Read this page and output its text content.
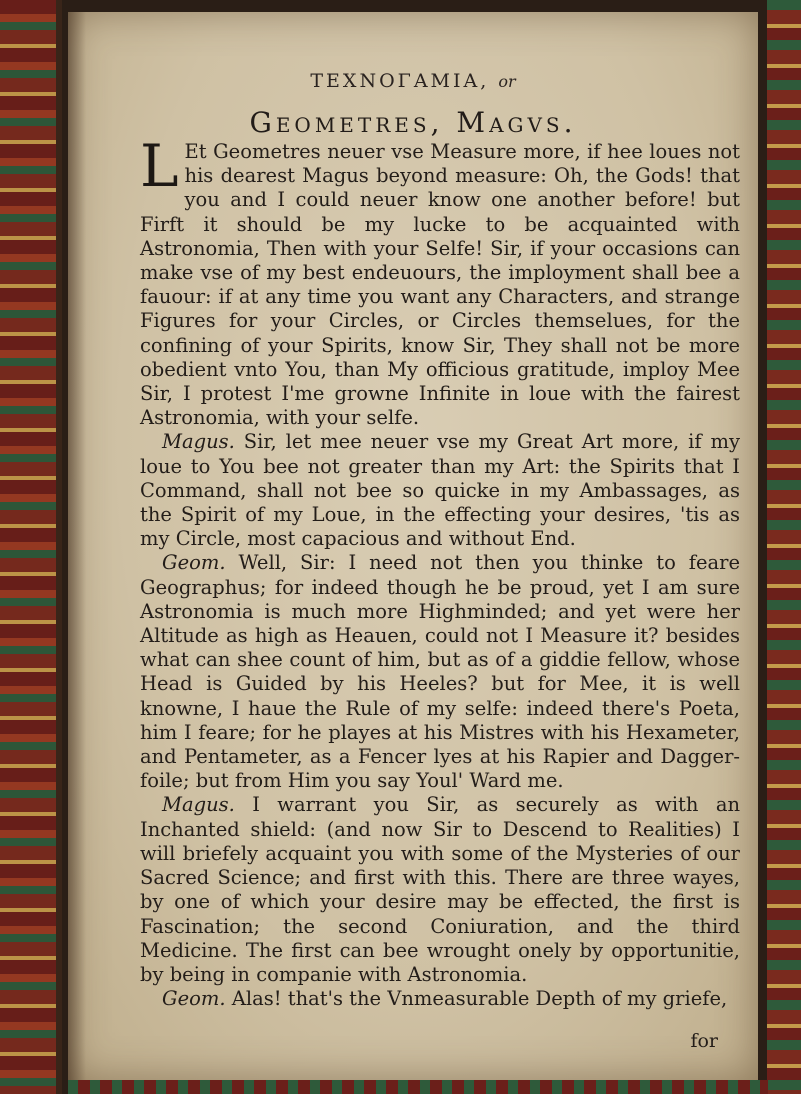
TEXNOΓAMIA, or
Geometres, Magvs.

L Et Geometres neuer vse Measure more, if hee loues not his dearest Magus beyond measure: Oh, the Gods! that you and I could neuer know one another before! but Firft it should be my lucke to be acquainted with Astronomia, Then with your Selfe! Sir, if your occasions can make vse of my best endeuours, the imployment shall bee a fauour: if at any time you want any Characters, and strange Figures for your Circles, or Circles themselues, for the confining of your Spirits, know Sir, They shall not be more obedient vnto You, than My officious gratitude, imploy Mee Sir, I protest I'me growne Infinite in loue with the fairest Astronomia, with your selfe.

Magus. Sir, let mee neuer vse my Great Art more, if my loue to You bee not greater than my Art: the Spirits that I Command, shall not bee so quicke in my Ambassages, as the Spirit of my Loue, in the effecting your desires, 'tis as my Circle, most capacious and without End.

Geom. Well, Sir: I need not then you thinke to feare Geographus; for indeed though he be proud, yet I am sure Astronomia is much more Highminded; and yet were her Altitude as high as Heauen, could not I Measure it? besides what can shee count of him, but as of a giddie fellow, whose Head is Guided by his Heeles? but for Mee, it is well knowne, I haue the Rule of my selfe: indeed there's Poeta, him I feare; for he playes at his Mistres with his Hexameter, and Pentameter, as a Fencer lyes at his Rapier and Dagger-foile; but from Him you say Youl' Ward me.

Magus. I warrant you Sir, as securely as with an Inchanted shield: (and now Sir to Descend to Realities) I will briefely acquaint you with some of the Mysteries of our Sacred Science; and first with this. There are three wayes, by one of which your desire may be effected, the first is Fascination; the second Coniuration, and the third Medicine. The first can bee wrought onely by opportunitie, by being in companie with Astronomia.

Geom. Alas! that's the Vnmeasurable Depth of my griefe,

for
